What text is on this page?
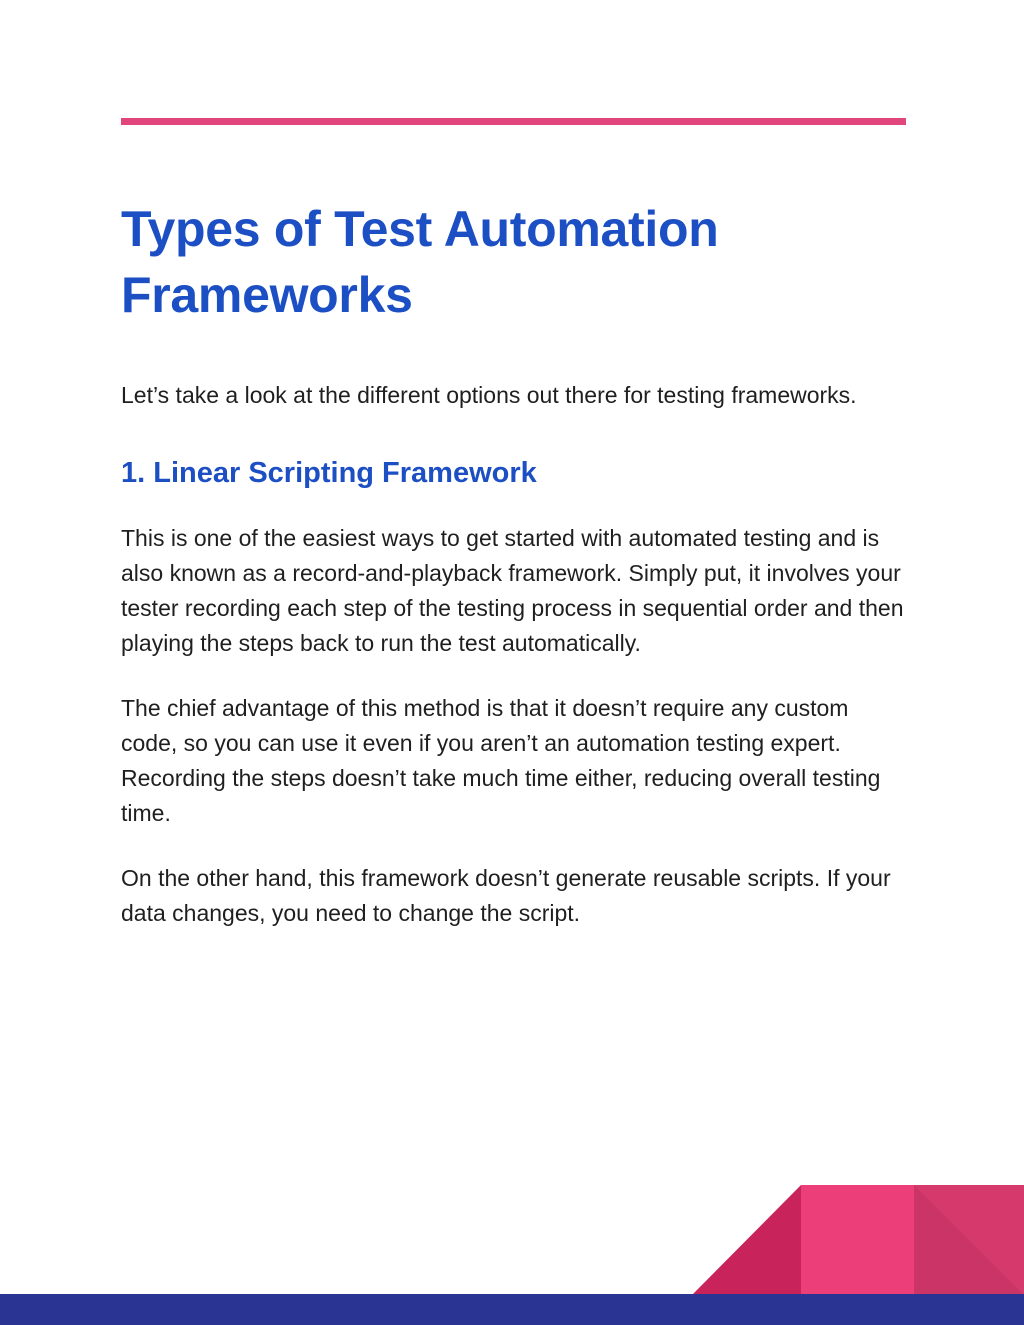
Types of Test Automation Frameworks

Let’s take a look at the different options out there for testing frameworks.

1. Linear Scripting Framework

This is one of the easiest ways to get started with automated testing and is also known as a record-and-playback framework. Simply put, it involves your tester recording each step of the testing process in sequential order and then playing the steps back to run the test automatically.

The chief advantage of this method is that it doesn’t require any custom code, so you can use it even if you aren’t an automation testing expert. Recording the steps doesn’t take much time either, reducing overall testing time.

On the other hand, this framework doesn’t generate reusable scripts. If your data changes, you need to change the script.
